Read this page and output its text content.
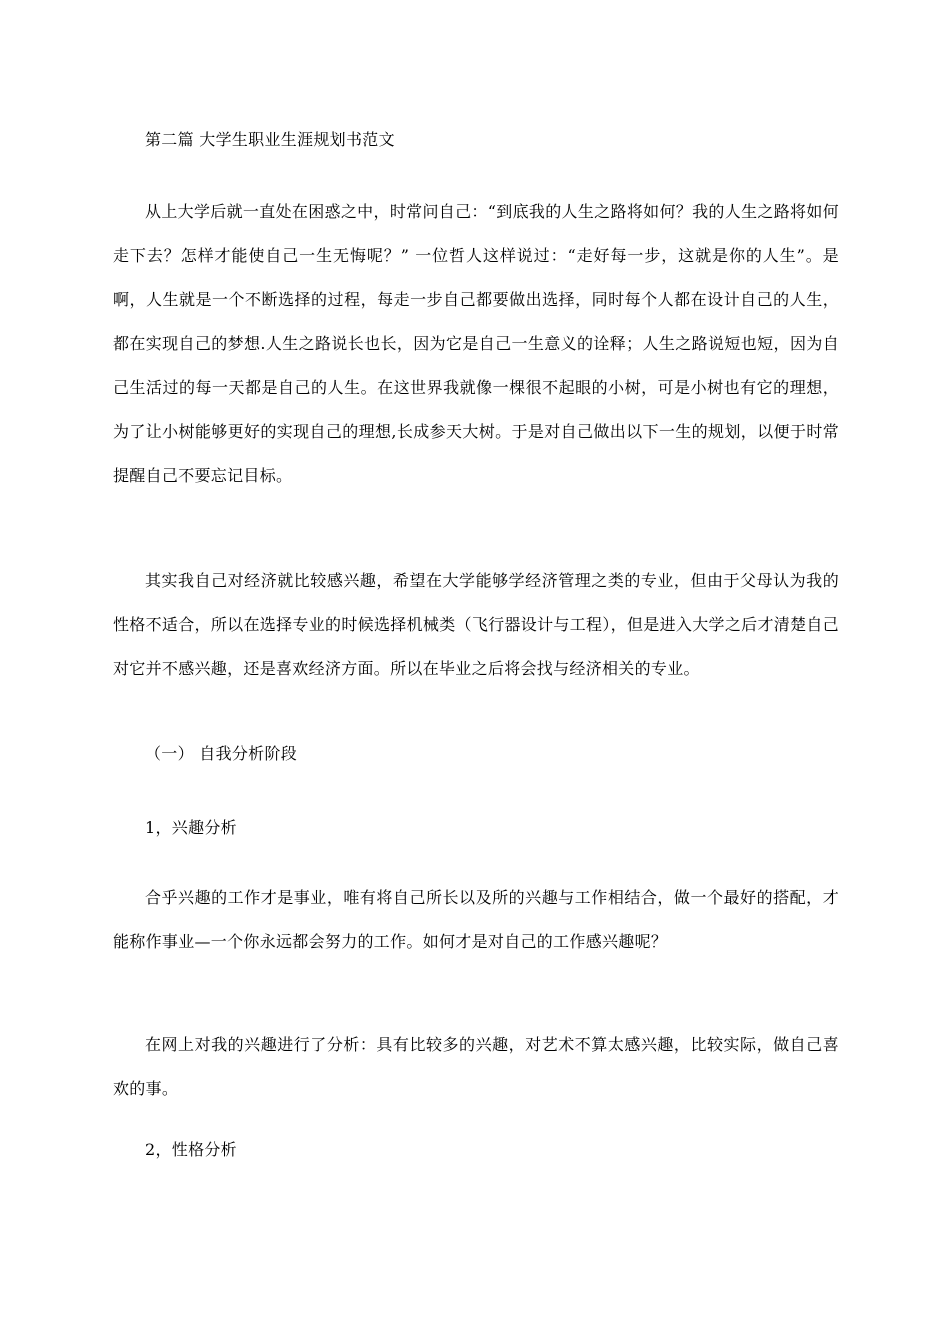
第二篇 大学生职业生涯规划书范文

从上大学后就一直处在困惑之中，时常问自己：“到底我的人生之路将如何？我的人生之路将如何走下去？怎样才能使自己一生无悔呢？” 一位哲人这样说过：“走好每一步，这就是你的人生”。是啊，人生就是一个不断选择的过程，每走一步自己都要做出选择，同时每个人都在设计自己的人生，都在实现自己的梦想.人生之路说长也长，因为它是自己一生意义的诠释；人生之路说短也短，因为自己生活过的每一天都是自己的人生。在这世界我就像一棵很不起眼的小树，可是小树也有它的理想，为了让小树能够更好的实现自己的理想,长成参天大树。于是对自己做出以下一生的规划，以便于时常提醒自己不要忘记目标。

其实我自己对经济就比较感兴趣，希望在大学能够学经济管理之类的专业，但由于父母认为我的性格不适合，所以在选择专业的时候选择机械类（飞行器设计与工程），但是进入大学之后才清楚自己对它并不感兴趣，还是喜欢经济方面。所以在毕业之后将会找与经济相关的专业。

（一） 自我分析阶段

1，兴趣分析

合乎兴趣的工作才是事业，唯有将自己所长以及所的兴趣与工作相结合，做一个最好的搭配，才能称作事业—一个你永远都会努力的工作。如何才是对自己的工作感兴趣呢？

在网上对我的兴趣进行了分析：具有比较多的兴趣，对艺术不算太感兴趣，比较实际，做自己喜欢的事。

2，性格分析
